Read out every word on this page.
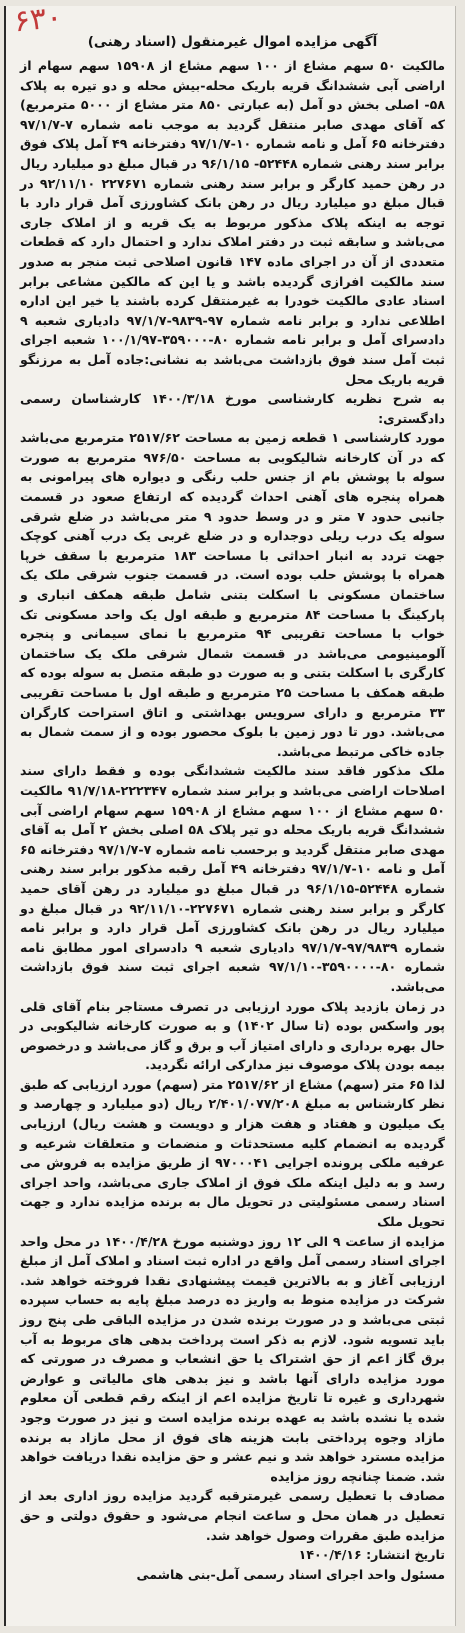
۶۳۰
آگهی مزایده اموال غیرمنقول (اسناد رهنی)

مالکیت ۵۰ سهم مشاع از ۱۰۰ سهم مشاع از ۱۵۹۰۸ سهم سهام از اراضی آبی ششدانگ قریه باریک محله-بیش محله و دو تیره به پلاک ۵۸- اصلی بخش دو آمل (به عبارتی ۸۵۰ متر مشاع از ۵۰۰۰ مترمربع) که آقای مهدی صابر منتقل گردید به موجب نامه شماره ۷-۹۷/۱/۷ دفترخانه ۶۵ آمل و نامه شماره ۱۰-۹۷/۱/۷ دفترخانه ۴۹ آمل پلاک فوق برابر سند رهنی شماره ۵۲۴۴۸- ۹۶/۱/۱۵ در قبال مبلغ دو میلیارد ریال در رهن حمید کارگر و برابر سند رهنی شماره ۲۲۷۶۷۱ ۹۲/۱۱/۱۰ در قبال مبلغ دو میلیارد ریال در رهن بانک کشاورزی آمل قرار دارد با توجه به اینکه پلاک مذکور مربوط به یک قریه و از املاک جاری می‌باشد و سابقه ثبت در دفتر املاک ندارد و احتمال دارد که قطعات متعددی از آن در اجرای ماده ۱۴۷ قانون اصلاحی ثبت منجر به صدور سند مالکیت افرازی گردیده باشد و یا این که مالکین مشاعی برابر اسناد عادی مالکیت خودرا به غیرمنتقل کرده باشند یا خیر این اداره اطلاعی ندارد و برابر نامه شماره ۹۷-۹۸۳۹-۹۷/۱/۷ دادیاری شعبه ۹ دادسرای آمل و برابر نامه شماره ۸۰-۳۵۹۰۰۰-۱۰۰/۱/۹۷ شعبه اجرای ثبت آمل سند فوق بازداشت می‌باشد به نشانی:جاده آمل به مرزنگو قریه باریک محل

به شرح نظریه کارشناسی مورخ ۱۴۰۰/۳/۱۸ کارشناسان رسمی دادگستری:

مورد کارشناسی ۱ قطعه زمین به مساحت ۲۵۱۷/۶۲ مترمربع می‌باشد که در آن کارخانه شالیکوبی به مساحت ۹۷۶/۵۰ مترمربع به صورت سوله با پوشش بام از جنس حلب رنگی و دیواره های پیرامونی به همراه پنجره های آهنی احداث گردیده که ارتفاع صعود در قسمت جانبی حدود ۷ متر و در وسط حدود ۹ متر می‌باشد در ضلع شرقی سوله یک درب ریلی دوجداره و در ضلع غربی یک درب آهنی کوچک جهت تردد به انبار احداثی با مساحت ۱۸۳ مترمربع با سقف خرپا همراه با پوشش حلب بوده است. در قسمت جنوب شرقی ملک یک ساختمان مسکونی با اسکلت بتنی شامل طبقه همکف انباری و پارکینگ با مساحت ۸۴ مترمربع و طبقه اول یک واحد مسکونی تک خواب با مساحت تقریبی ۹۴ مترمربع با نمای سیمانی و پنجره آلومینیومی می‌باشد در قسمت شمال شرقی ملک یک ساختمان کارگری با اسکلت بتنی و به صورت دو طبقه متصل به سوله بوده که طبقه همکف با مساحت ۲۵ مترمربع و طبقه اول با مساحت تقریبی ۳۳ مترمربع و دارای سرویس بهداشتی و اتاق استراحت کارگران می‌باشد. دور تا دور زمین با بلوک محصور بوده و از سمت شمال به جاده خاکی مرتبط می‌باشد.

ملک مذکور فاقد سند مالکیت ششدانگی بوده و فقط دارای سند اصلاحات اراضی می‌باشد و برابر سند شماره ۲۲۲۳۴۷-۹۱/۷/۱۸ مالکیت ۵۰ سهم مشاع از ۱۰۰ سهم مشاع از ۱۵۹۰۸ سهم سهام اراضی آبی ششدانگ قریه باریک محله دو تیر پلاک ۵۸ اصلی بخش ۲ آمل به آقای مهدی صابر منتقل گردید و برحسب نامه شماره ۷-۹۷/۱/۷ دفترخانه ۶۵ آمل و نامه ۱۰-۹۷/۱/۷ دفترخانه ۴۹ آمل رقبه مذکور برابر سند رهنی شماره ۵۲۴۴۸-۹۶/۱/۱۵ در قبال مبلغ دو میلیارد در رهن آقای حمید کارگر و برابر سند رهنی شماره ۲۲۷۶۷۱-۹۲/۱۱/۱۰ در قبال مبلغ دو میلیارد ریال در رهن بانک کشاورزی آمل قرار دارد و برابر نامه شماره ۹۷/۹۸۳۹-۹۷/۱/۷ دادیاری شعبه ۹ دادسرای امور مطابق نامه شماره ۸۰-۳۵۹۰۰۰۰-۹۷/۱/۱۰ شعبه اجرای ثبت سند فوق بازداشت می‌باشد.

در زمان بازدید پلاک مورد ارزیابی در تصرف مستاجر بنام آقای قلی پور واسکس بوده (تا سال ۱۴۰۲) و به صورت کارخانه شالیکوبی در حال بهره برداری و دارای امتیاز آب و برق و گاز می‌باشد و درخصوص بیمه بودن پلاک موصوف نیز مدارکی ارائه نگردید.

لذا ۶۵ متر (سهم) مشاع از ۲۵۱۷/۶۲ متر (سهم) مورد ارزیابی که طبق نظر کارشناس به مبلغ ۲/۴۰۱/۰۷۷/۲۰۸ ریال (دو میلیارد و چهارصد و یک میلیون و هفتاد و هفت هزار و دویست و هشت ریال) ارزیابی گردیده به انضمام کلیه مستحدثات و منضمات و متعلقات شرعیه و عرفیه ملکی پرونده اجرایی ۹۷۰۰۰۴۱ از طریق مزایده به فروش می رسد و به دلیل اینکه ملک فوق از املاک جاری می‌باشد، واحد اجرای اسناد رسمی مسئولیتی در تحویل مال به برنده مزایده ندارد و جهت تحویل ملک

مزایده از ساعت ۹ الی ۱۲ روز دوشنبه مورخ ۱۴۰۰/۴/۲۸ در محل واحد اجرای اسناد رسمی آمل واقع در اداره ثبت اسناد و املاک آمل از مبلغ ارزیابی آغاز و به بالاترین قیمت پیشنهادی نقدا فروخته خواهد شد. شرکت در مزایده منوط به واریز ده درصد مبلغ پایه به حساب سپرده ثبتی می‌باشد و در صورت برنده شدن در مزایده الباقی طی پنج روز باید تسویه شود. لازم به ذکر است پرداخت بدهی های مربوط به آب برق گاز اعم از حق اشتراک یا حق انشعاب و مصرف در صورتی که مورد مزایده دارای آنها باشد و نیز بدهی های مالیاتی و عوارض شهرداری و غیره تا تاریخ مزایده اعم از اینکه رقم قطعی آن معلوم شده یا نشده باشد به عهده برنده مزایده است و نیز در صورت وجود مازاد وجوه پرداختی بابت هزینه های فوق از محل مازاد به برنده مزایده مسترد خواهد شد و نیم عشر و حق مزایده نقدا دریافت خواهد شد. ضمنا چنانچه روز مزایده

مصادف با تعطیل رسمی غیرمترقبه گردید مزایده روز اداری بعد از تعطیل در همان محل و ساعت انجام می‌شود و حقوق دولتی و حق مزایده طبق مقررات وصول خواهد شد.

تاریخ انتشار: ۱۴۰۰/۴/۱۶
مسئول واحد اجرای اسناد رسمی آمل-بنی هاشمی
